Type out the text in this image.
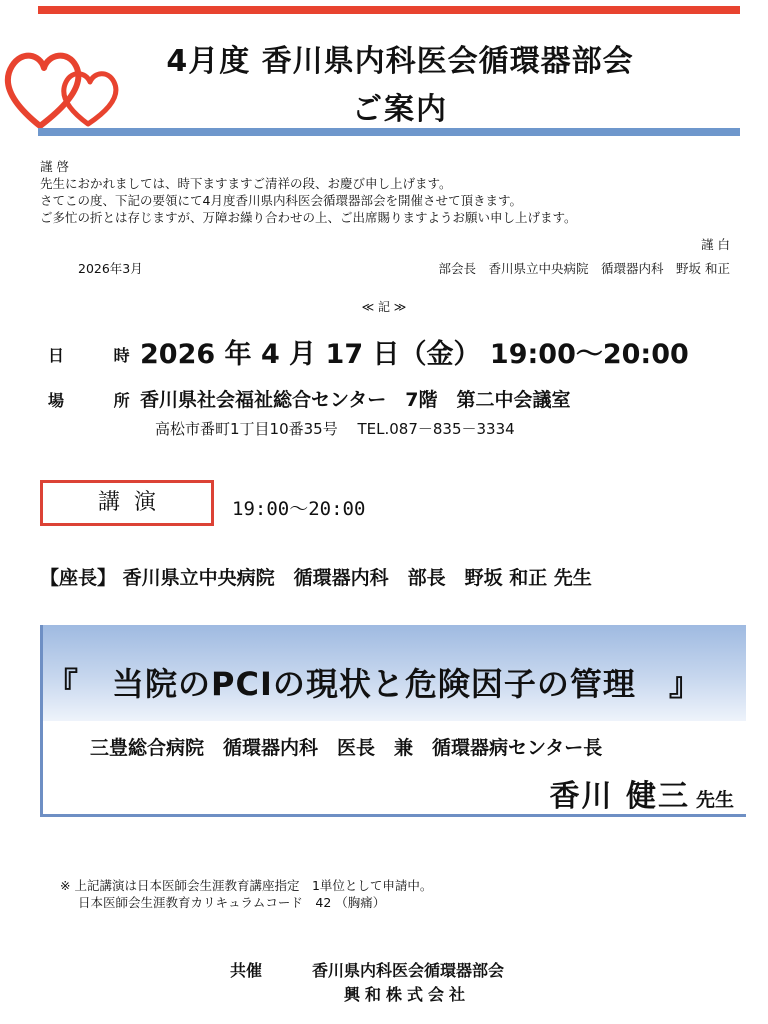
4月度 香川県内科医会循環器部会
ご案内
謹 啓
先生におかれましては、時下ますますご清祥の段、お慶び申し上げます。
さてこの度、下記の要領にて4月度香川県内科医会循環器部会を開催させて頂きます。
ご多忙の折とは存じますが、万障お繰り合わせの上、ご出席賜りますようお願い申し上げます。
謹 白
2026年3月	部会長　香川県立中央病院　循環器内科　野坂 和正
≪ 記 ≫
日 時
2026 年 4 月 17 日（金） 19:00～20:00
場 所
香川県社会福祉総合センター　7階　第二中会議室
高松市番町1丁目10番35号　 TEL.087－835－3334
講演	19:00～20:00
【座長】 香川県立中央病院　循環器内科　部長　野坂 和正 先生
『　当院のPCIの現状と危険因子の管理　』
三豊総合病院　循環器内科　医長　兼　循環器病センター長
香川 健三 先生
※ 上記講演は日本医師会生涯教育講座指定　1単位として申請中。
日本医師会生涯教育カリキュラムコード　42 （胸痛）
共催	香川県内科医会循環器部会
興和株式会社
